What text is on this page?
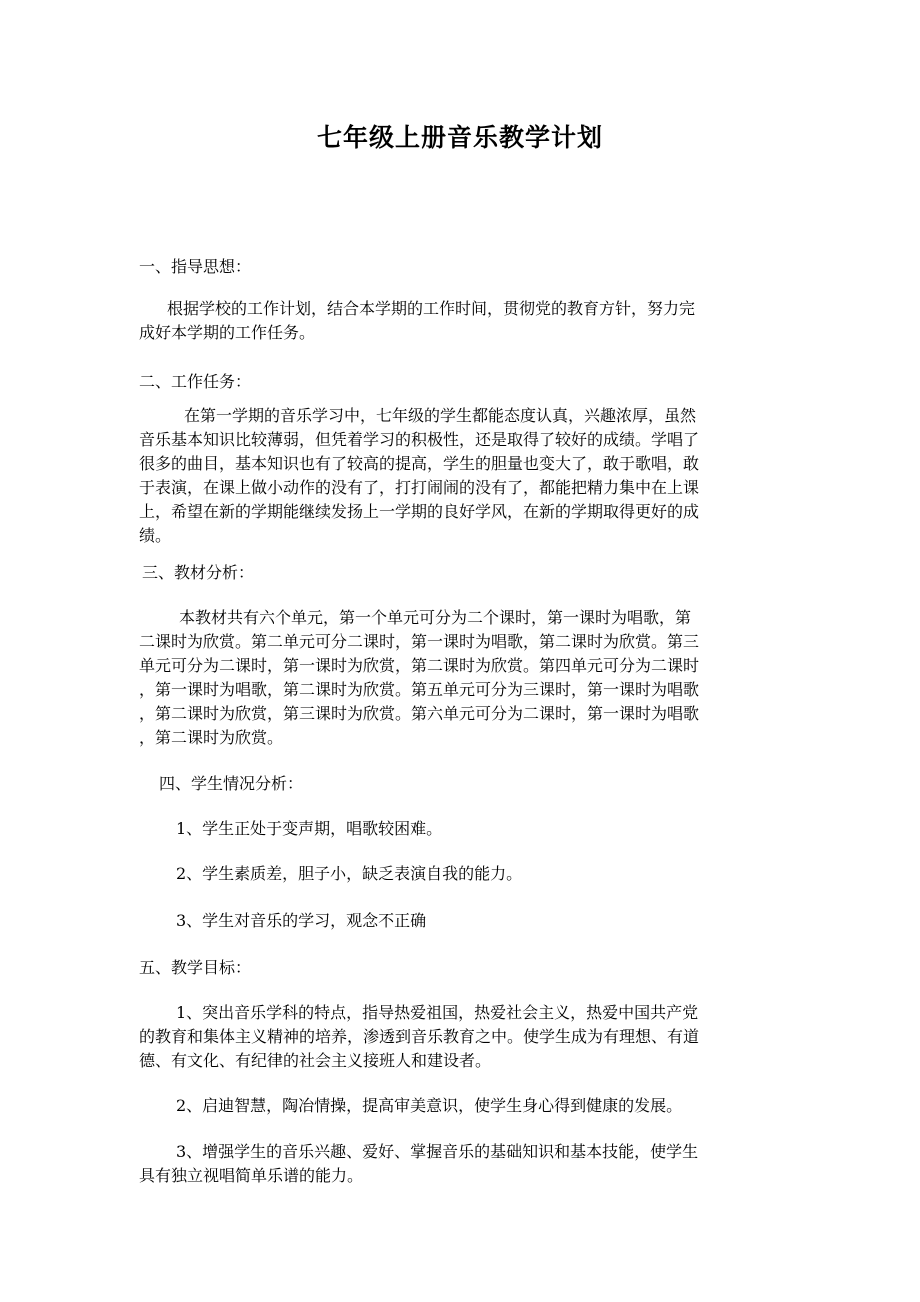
七年级上册音乐教学计划
一、指导思想：
根据学校的工作计划，结合本学期的工作时间，贯彻党的教育方针，努力完
成好本学期的工作任务。
二、工作任务：
在第一学期的音乐学习中，七年级的学生都能态度认真，兴趣浓厚，虽然
音乐基本知识比较薄弱，但凭着学习的积极性，还是取得了较好的成绩。学唱了
很多的曲目，基本知识也有了较高的提高，学生的胆量也变大了，敢于歌唱，敢
于表演，在课上做小动作的没有了，打打闹闹的没有了，都能把精力集中在上课
上，希望在新的学期能继续发扬上一学期的良好学风，在新的学期取得更好的成
绩。
三、教材分析：
本教材共有六个单元，第一个单元可分为二个课时，第一课时为唱歌，第
二课时为欣赏。第二单元可分二课时，第一课时为唱歌，第二课时为欣赏。第三
单元可分为二课时，第一课时为欣赏，第二课时为欣赏。第四单元可分为二课时
，第一课时为唱歌，第二课时为欣赏。第五单元可分为三课时，第一课时为唱歌
，第二课时为欣赏，第三课时为欣赏。第六单元可分为二课时，第一课时为唱歌
，第二课时为欣赏。
四、学生情况分析：
1、学生正处于变声期，唱歌较困难。
2、学生素质差，胆子小，缺乏表演自我的能力。
3、学生对音乐的学习，观念不正确
五、教学目标：
1、突出音乐学科的特点，指导热爱祖国，热爱社会主义，热爱中国共产党
的教育和集体主义精神的培养，渗透到音乐教育之中。使学生成为有理想、有道
德、有文化、有纪律的社会主义接班人和建设者。
2、启迪智慧，陶冶情操，提高审美意识，使学生身心得到健康的发展。
3、增强学生的音乐兴趣、爱好、掌握音乐的基础知识和基本技能，使学生
具有独立视唱简单乐谱的能力。
